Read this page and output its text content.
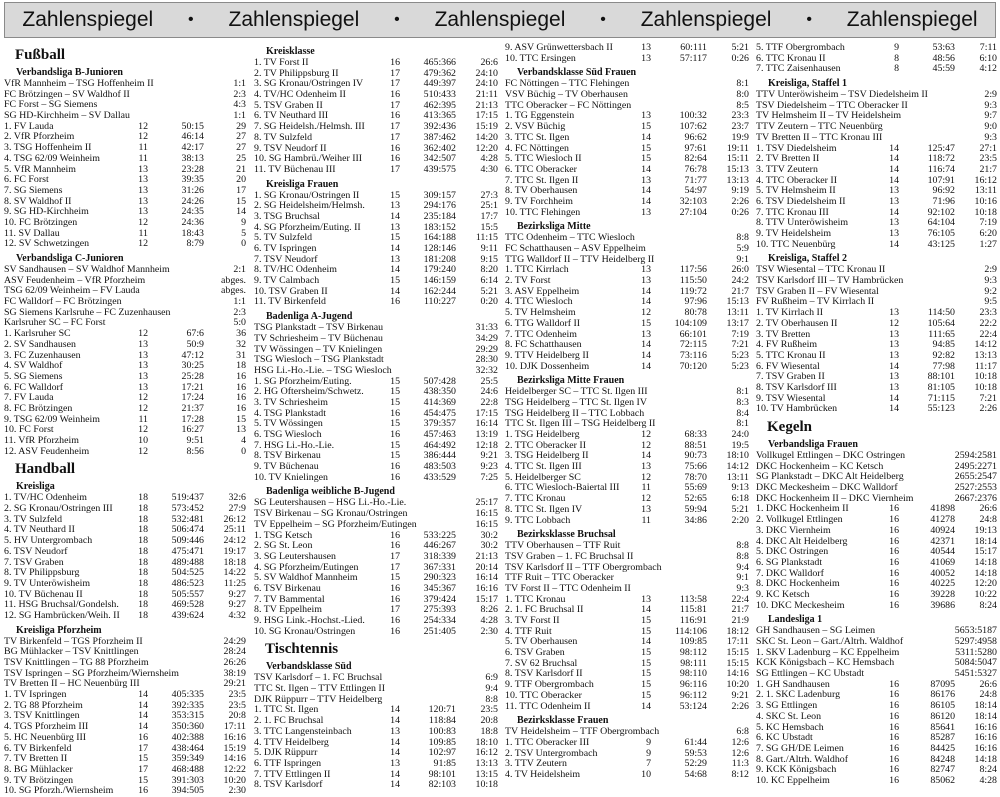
Zahlenspiegel • Zahlenspiegel • Zahlenspiegel • Zahlenspiegel • Zahlenspiegel
Fußball
Verbandsliga B-Junioren
VfR Mannheim – TSG Hoffenheim II	1:1
FC Brötzingen – SV Waldhof II	2:3
FC Forst – SG Siemens	4:3
SG HD-Kirchheim – SV Dallau	1:1
1. FV Lauda	12	50:15	29
2. VfR Pforzheim	12	46:14	27
3. TSG Hoffenheim II	11	42:17	27
4. TSG 62/09 Weinheim	11	38:13	25
5. VfR Mannheim	13	23:28	21
6. FC Forst	13	39:35	20
7. SG Siemens	13	31:26	17
8. SV Waldhof II	13	24:26	15
9. SG HD-Kirchheim	13	24:35	14
10. FC Brötzingen	12	24:36	9
11. SV Dallau	11	18:43	5
12. SV Schwetzingen	12	8:79	0
Verbandsliga C-Junioren
SV Sandhausen – SV Waldhof Mannheim	2:1
ASV Feudenheim – VfR Pforzheim	abges.
TSG 62/09 Weinheim – FV Lauda	abges.
FC Walldorf – FC Brötzingen	1:1
SG Siemens Karlsruhe – FC Zuzenhausen	2:3
Karlsruher SC – FC Forst	5:0
1. Karlsruher SC	12	67:6	36
2. SV Sandhausen	13	50:9	32
3. FC Zuzenhausen	13	47:12	31
4. SV Waldhof	13	30:25	18
5. SG Siemens	13	25:28	16
6. FC Walldorf	13	17:21	16
7. FV Lauda	12	17:24	16
8. FC Brötzingen	12	21:37	16
9. TSG 62/09 Weinheim	11	17:28	15
10. FC Forst	12	16:27	13
11. VfR Pforzheim	10	9:51	4
12. ASV Feudenheim	12	8:56	0
Handball
Kreisliga
1. TV/HC Odenheim	18	519:437	32:6
2. SG Kronau/Östringen III	18	573:452	27:9
3. TV Sulzfeld	18	532:481	26:12
4. TV Neuthard II	18	506:474	25:11
5. HV Untergrombach	18	509:446	24:12
6. TSV Neudorf	18	475:471	19:17
7. TSV Graben	18	489:488	18:18
8. TV Philippsburg	18	504:525	14:22
9. TV Unteröwisheim	18	486:523	11:25
10. TV Büchenau II	18	505:557	9:27
11. HSG Bruchsal/Gondelsh.	18	469:528	9:27
12. SG Hambrücken/Weih. II	18	439:624	4:32
Kreisliga Pforzheim
TV Birkenfeld – TGS Pforzheim II	24:29
BG Mühlacker – TSV Knittlingen	28:24
TSV Knittlingen – TG 88 Pforzheim	26:26
TSV Ispringen – SG Pforzheim/Wiernsheim	38:19
TV Bretten II – HC Neuenbürg III	29:21
1. TV Ispringen	14	405:335	23:5
2. TG 88 Pforzheim	14	392:335	23:5
3. TSV Knittlingen	14	353:315	20:8
4. TGS Pforzheim III	14	350:360	17:11
5. HC Neuenbürg III	16	402:388	16:16
6. TV Birkenfeld	17	438:464	15:19
7. TV Bretten II	15	359:349	14:16
8. BG Mühlacker	17	468:488	12:22
9. TV Brötzingen	15	391:303	10:20
10. SG Pforzh./Wiernsheim	16	394:505	2:30
Kreisklasse
1. TV Forst II	16	465:366	26:6
2. TV Philippsburg II	17	479:362	24:10
3. SG Kronau/Östringen IV	17	449:397	24:10
4. TV/HC Odenheim II	16	510:433	21:11
5. TSV Graben II	17	462:395	21:13
6. TV Neuthard III	16	413:365	17:15
7. SG Heidelsh./Helmsh. III	17	392:436	15:19
8. TV Sulzfeld	17	387:462	14:20
9. TSV Neudorf II	16	362:402	12:20
10. SG Hambrü./Weiher III	16	342:507	4:28
11. TV Büchenau III	17	439:575	4:30
Kreisliga Frauen
1. SG Kronau/Östringen II	15	309:157	27:3
2. SG Heidelsheim/Helmsh.	13	294:176	25:1
3. TSG Bruchsal	14	235:184	17:7
4. SG Pforzheim/Euting. II	13	183:152	15:5
5. TV Sulzfeld	15	164:188	11:15
6. TV Ispringen	14	128:146	9:11
7. TSV Neudorf	13	181:208	9:15
8. TV/HC Odenheim	14	179:240	8:20
9. TV Calmbach	15	146:159	6:14
10. TSV Graben II	14	162:244	5:21
11. TV Birkenfeld	16	110:227	0:20
Badenliga A-Jugend
TSG Plankstadt – TSV Birkenau	31:33
TV Schriesheim – TV Büchenau	34:29
TV Wössingen – TV Knielingen	29:29
TSG Wiesloch – TSG Plankstadt	28:30
HSG Li.-Ho.-Lie. – TSG Wiesloch	32:32
1. SG Pforzheim/Euting.	15	507:428	25:5
2. HG Oftersheim/Schwetz.	15	438:350	24:6
3. TV Schriesheim	15	414:369	22:8
4. TSG Plankstadt	16	454:475	17:15
5. TV Wössingen	15	379:357	16:14
6. TSG Wiesloch	16	457:463	13:19
7. HSG Li.-Ho.-Lie.	15	464:492	12:18
8. TSV Birkenau	15	386:444	9:21
9. TV Büchenau	16	483:503	9:23
10. TV Knielingen	16	433:529	7:25
Badenliga weibliche B-Jugend
SG Leutershausen – HSG Li.-Ho.-Lie.	25:17
TSV Birkenau – SG Kronau/Östringen	16:15
TV Eppelheim – SG Pforzheim/Eutingen	16:15
1. TSG Ketsch	16	533:225	30:2
2. SG St. Leon	16	446:267	30:2
3. SG Leutershausen	17	318:339	21:13
4. SG Pforzheim/Eutingen	17	367:331	20:14
5. SV Waldhof Mannheim	15	290:323	16:14
6. TSV Birkenau	16	345:367	16:16
7. TV Bammental	16	379:424	15:17
8. TV Eppelheim	17	275:393	8:26
9. HSG Link.-Hochst.-Lied.	16	254:334	4:28
10. SG Kronau/Östringen	16	251:405	2:30
Tischtennis
Verbandsklasse Süd
TSV Karlsdorf – 1. FC Bruchsal	6:9
TTC St. Ilgen – TTV Ettlingen II	9:4
DJK Rüppurr – TTV Heidelberg	8:8
1. TTC St. Ilgen	14	120:71	23:5
2. 1. FC Bruchsal	14	118:84	20:8
3. TTC Langensteinbach	13	100:83	18:8
4. TTV Heidelberg	14	109:85	18:10
5. DJK Rüppurr	14	102:97	16:12
6. TTF Ispringen	13	91:85	13:13
7. TTV Ettlingen II	14	98:101	13:15
8. TSV Karlsdorf	14	82:103	10:18
9. ASV Grünwettersbach II	13	60:111	5:21
10. TTC Ersingen	13	57:117	0:26
Verbandsklasse Süd Frauen
FC Nöttingen – TTC Flehingen	8:1
VSV Büchig – TV Oberhausen	8:0
TTC Oberacker – FC Nöttingen	8:5
1. TG Eggenstein	13	100:32	23:3
2. VSV Büchig	15	107:62	23:7
3. TTC St. Ilgen	14	96:62	19:9
4. FC Nöttingen	15	97:61	19:11
5. TTC Wiesloch II	15	82:64	15:11
6. TTC Oberacker	14	76:78	15:13
7. TTC St. Ilgen II	13	71:77	13:13
8. TV Oberhausen	14	54:97	9:19
9. TV Forchheim	14	32:103	2:26
10. TTC Flehingen	13	27:104	0:26
Bezirksliga Mitte
TTC Odenheim – TTC Wiesloch	8:8
FC Schatthausen – ASV Eppelheim	5:9
TTG Walldorf II – TTV Heidelberg II	9:1
1. TTC Kirrlach	13	117:56	26:0
2. TV Forst	13	115:50	24:2
3. ASV Eppelheim	14	119:72	21:7
4. TTC Wiesloch	14	97:96	15:13
5. TV Helmsheim	12	80:78	13:11
6. TTG Walldorf II	15	104:109	13:17
7. TTC Odenheim	13	66:101	7:19
8. FC Schatthausen	14	72:115	7:21
9. TTV Heidelberg II	14	73:116	5:23
10. DJK Dossenheim	14	70:120	5:23
Bezirksliga Mitte Frauen
Heidelberger SC – TTC St. Ilgen III	8:1
TSG Heidelberg – TTC St. Ilgen IV	8:3
TSG Heidelberg II – TTC Lobbach	8:4
TTC St. Ilgen III – TSG Heidelberg II	8:1
1. TSG Heidelberg	12	68:33	24:0
2. TTC Oberacker II	12	88:51	19:5
3. TSG Heidelberg II	14	90:73	18:10
4. TTC St. Ilgen III	13	75:66	14:12
5. Heidelberger SC	12	78:70	13:11
6. TTC Wiesloch-Baiertal III	11	55:69	9:13
7. TTC Kronau	12	52:65	6:18
8. TTC St. Ilgen IV	13	59:94	5:21
9. TTC Lobbach	11	34:86	2:20
Bezirksklasse Bruchsal
TTV Oberhausen – TTF Ruit	8:8
TSV Graben – 1. FC Bruchsal II	8:8
TSV Karlsdorf II – TTF Obergrombach	9:4
TTF Ruit – TTC Oberacker	9:1
TV Forst II – TTC Odenheim II	9:3
1. TTC Kronau	13	113:58	22:4
2. 1. FC Bruchsal II	14	115:81	21:7
3. TV Forst II	15	116:91	21:9
4. TTF Ruit	15	114:106	18:12
5. TV Oberhausen	14	109:85	17:11
6. TSV Graben	15	98:112	15:15
7. SV 62 Bruchsal	15	98:111	15:15
8. TSV Karlsdorf II	15	98:110	14:16
9. TTF Obergrombach	15	96:116	10:20
10. TTC Oberacker	15	96:112	9:21
11. TTC Odenheim II	14	53:124	2:26
Bezirksklasse Frauen
TV Heidelsheim – TTF Obergrombach	6:8
1. TTC Oberacker III	9	61:44	12:6
2. TSV Untergrombach	9	59:53	12:6
3. TTV Zeutern	7	52:29	11:3
4. TV Heidelsheim	10	54:68	8:12
5. TTF Obergrombach	9	53:63	7:11
6. TTC Kronau II	8	48:56	6:10
7. TTC Zaisenhausen	8	45:59	4:12
Kreisliga, Staffel 1
TTV Unteröwisheim – TSV Diedelsheim II	2:9
TSV Diedelsheim – TTC Oberacker II	9:3
TV Helmsheim II – TV Heidelsheim	9:7
TTV Zeutern – TTC Neuenbürg	9:0
TV Bretten II – TTC Kronau III	9:3
1. TSV Diedelsheim	14	125:47	27:1
2. TV Bretten II	14	118:72	23:5
3. TTV Zeutern	14	116:74	21:7
4. TTC Oberacker II	14	107:91	16:12
5. TV Helmsheim II	13	96:92	13:11
6. TSV Diedelsheim II	13	71:96	10:16
7. TTC Kronau III	14	92:102	10:18
8. TTV Unteröwisheim	13	64:104	7:19
9. TV Heidelsheim	13	76:105	6:20
10. TTC Neuenbürg	14	43:125	1:27
Kreisliga, Staffel 2
TSV Wiesental – TTC Kronau II	2:9
TSV Karlsdorf III – TV Hambrücken	9:3
TSV Graben II – FV Wiesental	9:2
FV Rußheim – TV Kirrlach II	9:5
1. TV Kirrlach II	13	114:50	23:3
2. TV Oberhausen II	12	105:64	22:2
3. TV Bretten	13	111:65	22:4
4. FV Rußheim	13	94:85	14:12
5. TTC Kronau II	13	92:82	13:13
6. FV Wiesental	14	77:98	11:17
7. TSV Graben II	13	88:101	10:18
8. TSV Karlsdorf III	13	81:105	10:18
9. TSV Wiesental	14	71:115	7:21
10. TV Hambrücken	14	55:123	2:26
Kegeln
Verbandsliga Frauen
Vollkugel Ettlingen – DKC Östringen	2594:2581
DKC Hockenheim – KC Ketsch	2495:2271
SG Plankstadt – DKC Alt Heidelberg	2655:2547
DKC Meckesheim – DKC Walldorf	2527:2553
DKC Hockenheim II – DKC Viernheim	2667:2376
1. DKC Hockenheim II	16	41898	26:6
2. Vollkugel Ettlingen	16	41278	24:8
3. DKC Viernheim	16	40924	19:13
4. DKC Alt Heidelberg	16	42371	18:14
5. DKC Östringen	16	40544	15:17
6. SG Plankstadt	16	41069	14:18
7. DKC Walldorf	16	40052	14:18
8. DKC Hockenheim	16	40225	12:20
9. KC Ketsch	16	39228	10:22
10. DKC Meckesheim	16	39686	8:24
Landesliga 1
GH Sandhausen – SG Leimen	5653:5187
SKC St. Leon – Gart./Altrh. Waldhof	5297:4958
1. SKV Ladenburg – KC Eppelheim	5311:5280
KCK Königsbach – KC Hemsbach	5084:5047
SG Ettlingen – KC Ubstadt	5451:5327
1. GH Sandhausen	16	87095	26:6
2. 1. SKC Ladenburg	16	86176	24:8
3. SG Ettlingen	16	86105	18:14
4. SKC St. Leon	16	86120	18:14
5. KC Hemsbach	16	85641	16:16
6. KC Ubstadt	16	85287	16:16
7. SG GH/DE Leimen	16	84425	16:16
8. Gart./Altrh. Waldhof	16	84248	14:18
9. KCK Königsbach	16	82747	8:24
10. KC Eppelheim	16	85062	4:28
